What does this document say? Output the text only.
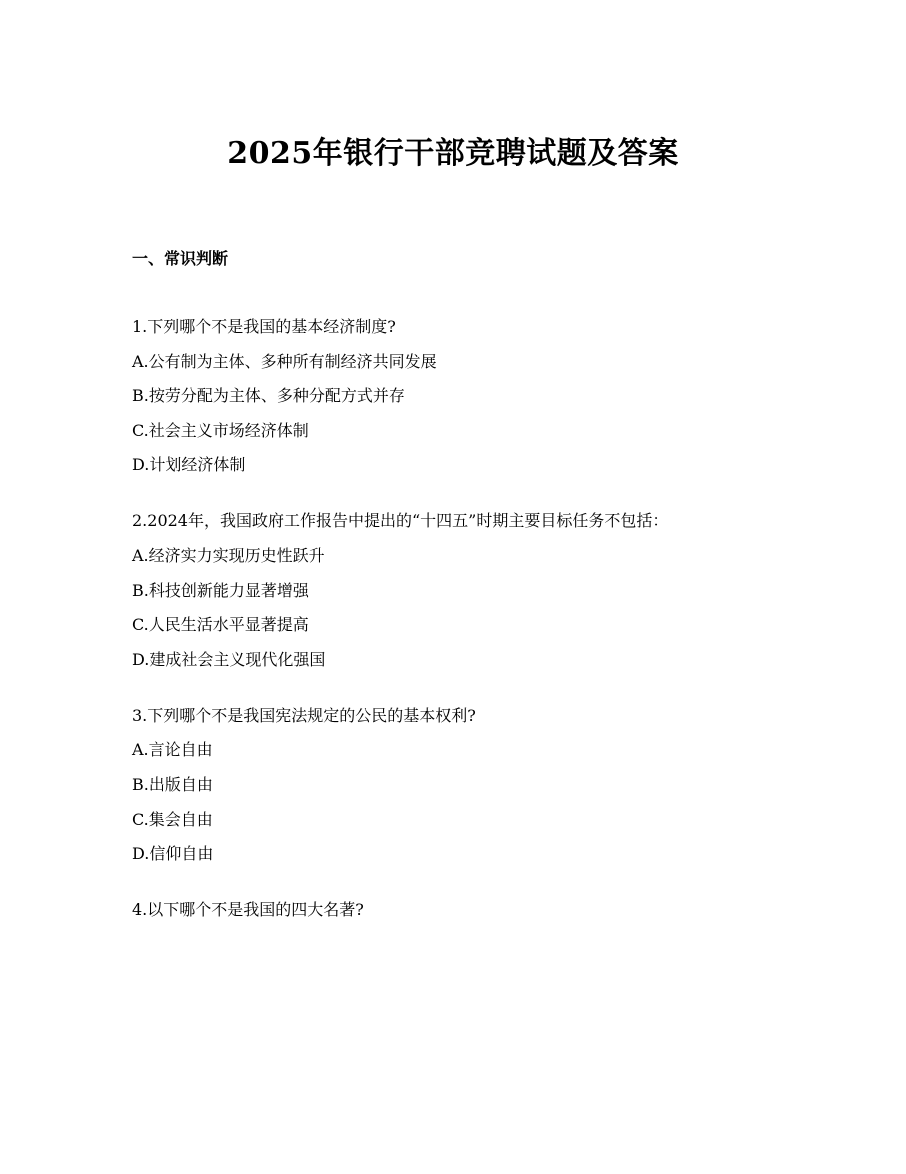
2025年银行干部竞聘试题及答案
一、常识判断
1.下列哪个不是我国的基本经济制度?
A.公有制为主体、多种所有制经济共同发展
B.按劳分配为主体、多种分配方式并存
C.社会主义市场经济体制
D.计划经济体制
2.2024年，我国政府工作报告中提出的“十四五”时期主要目标任务不包括：
A.经济实力实现历史性跃升
B.科技创新能力显著增强
C.人民生活水平显著提高
D.建成社会主义现代化强国
3.下列哪个不是我国宪法规定的公民的基本权利?
A.言论自由
B.出版自由
C.集会自由
D.信仰自由
4.以下哪个不是我国的四大名著?
